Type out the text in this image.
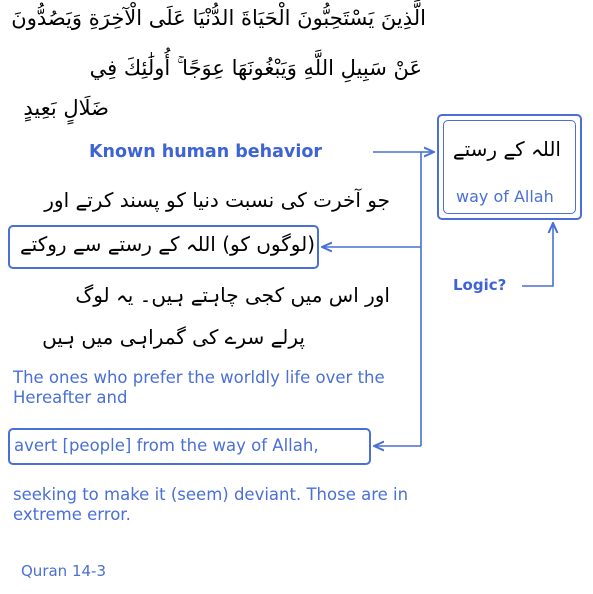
الَّذِينَ يَسْتَحِبُّونَ الْحَيَاةَ الدُّنْيَا عَلَى الْآخِرَةِ وَيَصُدُّونَ
عَنْ سَبِيلِ اللَّهِ وَيَبْغُونَهَا عِوَجًا ۚ أُولَٰئِكَ فِي
ضَلَالٍ بَعِيدٍ
Known human behavior
جو آخرت کی نسبت دنیا کو پسند کرتے اور
(لوگوں کو) اللہ کے رستے سے روکتے
اور اس میں کجی چاہتے ہیں۔ یہ لوگ
پرلے سرے کی گمراہی میں ہیں
The ones who prefer the worldly life over the Hereafter and
avert [people] from the way of Allah,
seeking to make it (seem) deviant. Those are in extreme error.
Quran 14-3
اللہ کے رستے
way of Allah
Logic?
